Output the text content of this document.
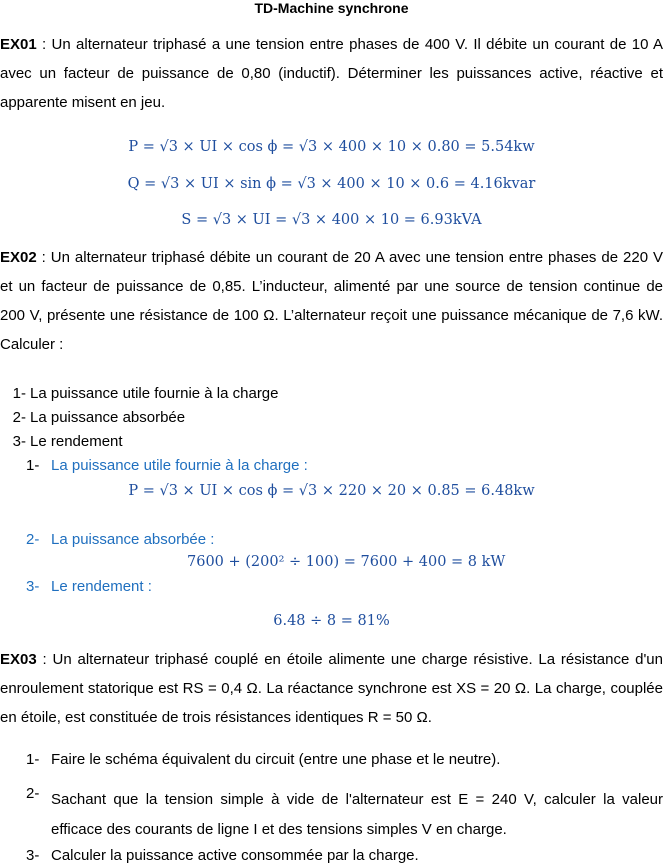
TD-Machine synchrone
EX01 : Un alternateur triphasé a une tension entre phases de 400 V. Il débite un courant de 10 A avec un facteur de puissance de 0,80 (inductif). Déterminer les puissances active, réactive et apparente misent en jeu.
P = √3 × UI × cos ϕ = √3 × 400 × 10 × 0.80 = 5.54kw
Q = √3 × UI × sin ϕ = √3 × 400 × 10 × 0.6 = 4.16kvar
S = √3 × UI = √3 × 400 × 10 = 6.93kVA
EX02 : Un alternateur triphasé débite un courant de 20 A avec une tension entre phases de 220 V et un facteur de puissance de 0,85. L’inducteur, alimenté par une source de tension continue de 200 V, présente une résistance de 100 Ω. L’alternateur reçoit une puissance mécanique de 7,6 kW. Calculer :
1- La puissance utile fournie à la charge
2- La puissance absorbée
3- Le rendement
1- La puissance utile fournie à la charge :
P = √3 × UI × cos ϕ = √3 × 220 × 20 × 0.85 = 6.48kw
2- La puissance absorbée :
7600 + (200² ÷ 100) = 7600 + 400 = 8 kW
3- Le rendement :
6.48 ÷ 8 = 81%
EX03 : Un alternateur triphasé couplé en étoile alimente une charge résistive. La résistance d'un enroulement statorique est RS = 0,4 Ω. La réactance synchrone est XS = 20 Ω. La charge, couplée en étoile, est constituée de trois résistances identiques R = 50 Ω.
1- Faire le schéma équivalent du circuit (entre une phase et le neutre).
2- Sachant que la tension simple à vide de l'alternateur est E = 240 V, calculer la valeur efficace des courants de ligne I et des tensions simples V en charge.
3- Calculer la puissance active consommée par la charge.
